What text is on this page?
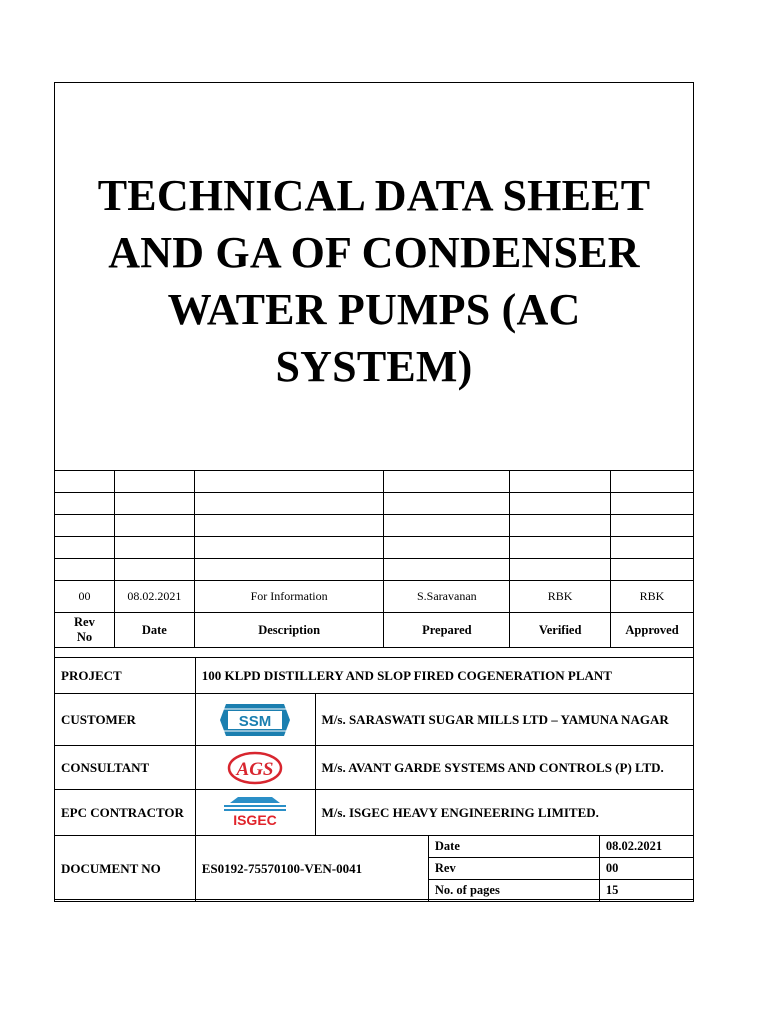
TECHNICAL DATA SHEET AND GA OF CONDENSER WATER PUMPS (AC SYSTEM)

00	08.02.2021	For Information	S.Saravanan	RBK	RBK
Rev No	Date	Description	Prepared	Verified	Approved
PROJECT	100 KLPD DISTILLERY AND SLOP FIRED COGENERATION PLANT
CUSTOMER	SSM	M/s. SARASWATI SUGAR MILLS LTD – YAMUNA NAGAR
CONSULTANT	AGS	M/s. AVANT GARDE SYSTEMS AND CONTROLS (P) LTD.
EPC CONTRACTOR	ISGEC	M/s. ISGEC HEAVY ENGINEERING LIMITED.
DOCUMENT NO	ES0192-75570100-VEN-0041	
Date	08.02.2021
Rev	00
No. of pages	15
